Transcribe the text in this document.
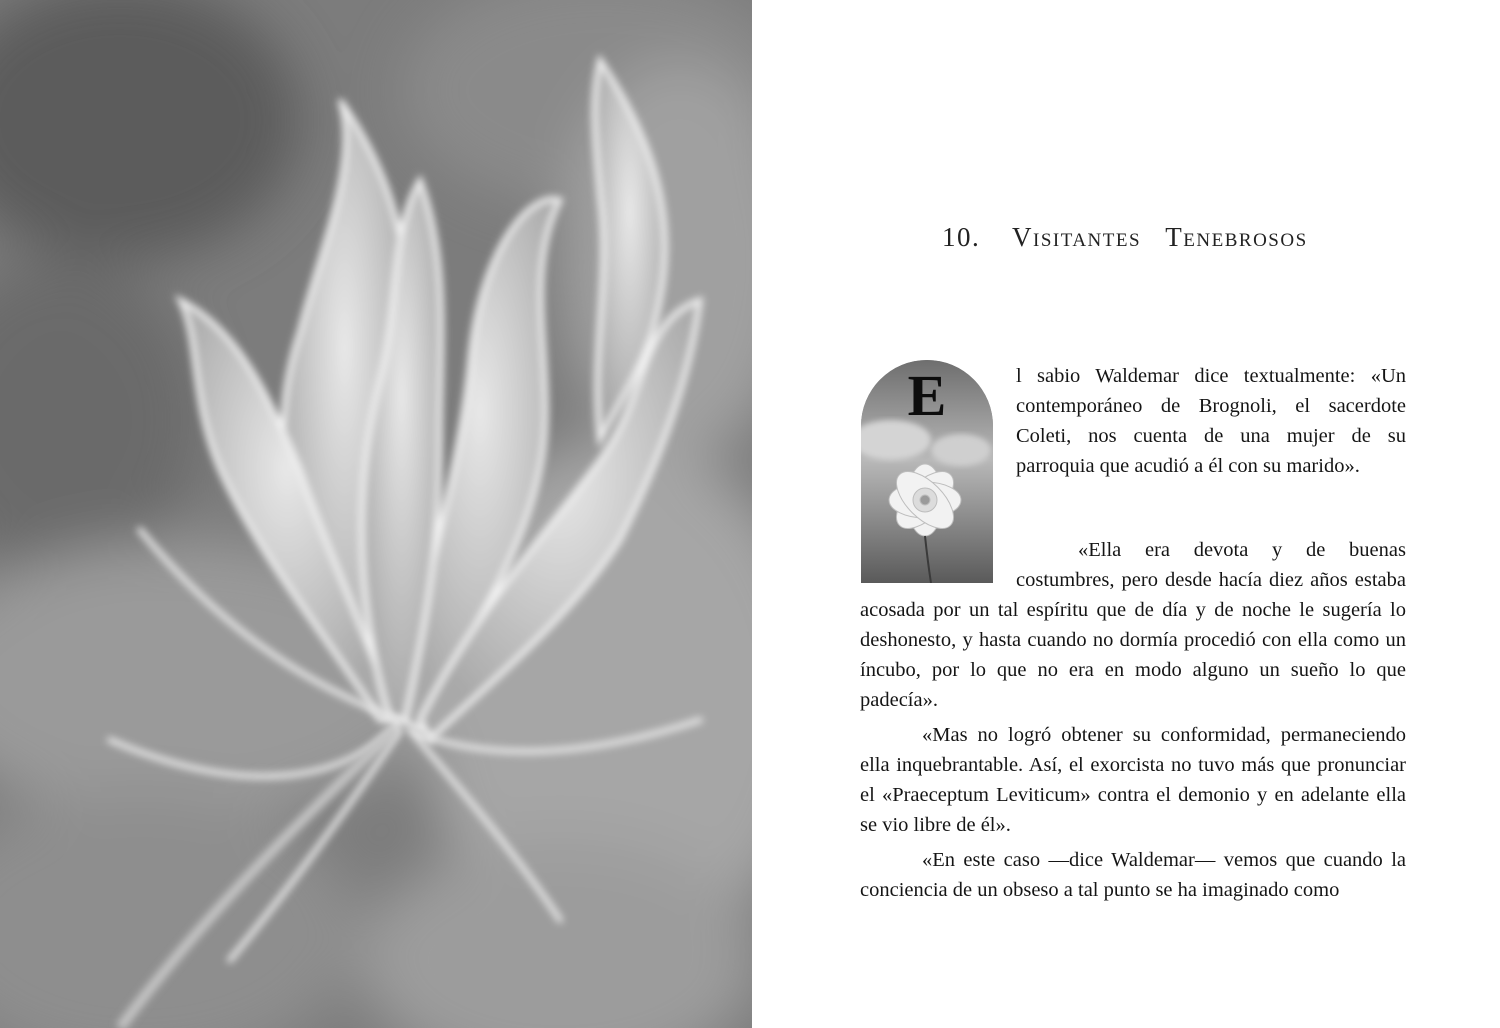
10. Visitantes Tenebrosos
E	l sabio Waldemar dice textualmente: «Un contemporáneo de Brognoli, el sacerdote Coleti, nos cuenta de una mujer de su parroquia que acudió a él con su marido».
«Ella era devota y de buenas costumbres, pero desde hacía diez años estaba acosada por un tal espíritu que de día y de noche le sugería lo deshonesto, y hasta cuando no dormía procedió con ella como un íncubo, por lo que no era en modo alguno un sueño lo que padecía».
«Mas no logró obtener su conformidad, permaneciendo ella inquebrantable. Así, el exorcista no tuvo más que pronunciar el «Praeceptum Leviticum» contra el demonio y en adelante ella se vio libre de él».
«En este caso —dice Waldemar— vemos que cuando la conciencia de un obseso a tal punto se ha imaginado como
